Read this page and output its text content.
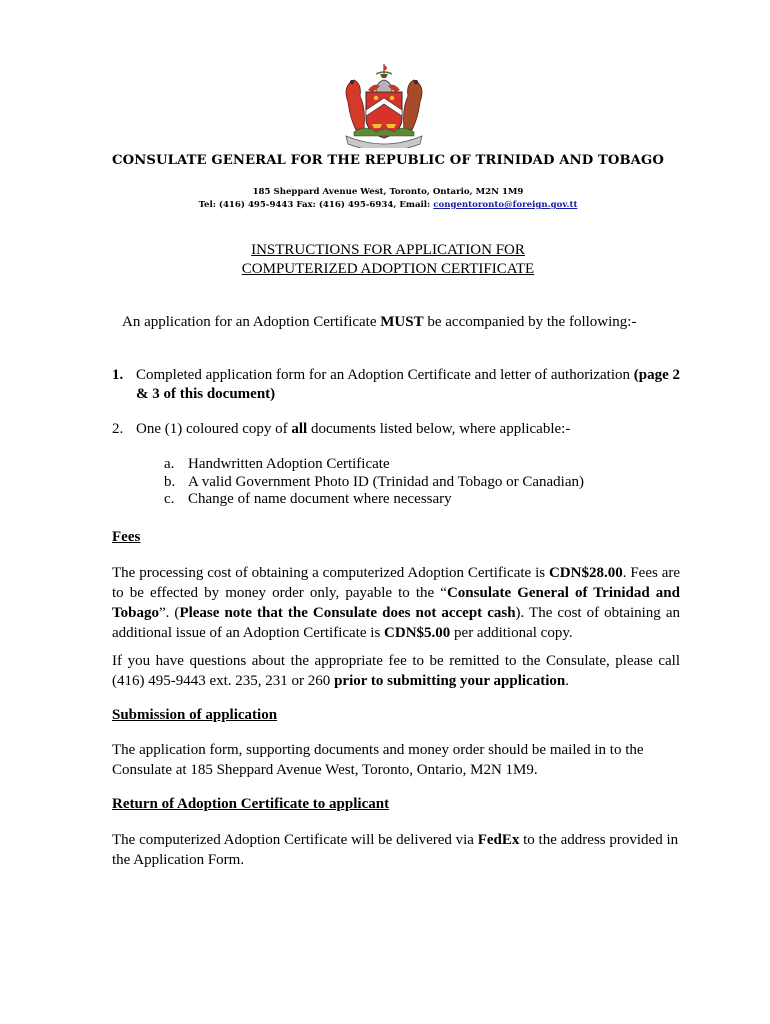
CONSULATE GENERAL FOR THE REPUBLIC OF TRINIDAD AND TOBAGO
185 Sheppard Avenue West, Toronto, Ontario, M2N 1M9
Tel: (416) 495-9443 Fax: (416) 495-6934, Email: congentoronto@foreign.gov.tt
INSTRUCTIONS FOR APPLICATION FOR
COMPUTERIZED ADOPTION CERTIFICATE
An application for an Adoption Certificate MUST be accompanied by the following:-
1. Completed application form for an Adoption Certificate and letter of authorization (page 2 & 3 of this document)
2. One (1) coloured copy of all documents listed below, where applicable:-
a. Handwritten Adoption Certificate
b. A valid Government Photo ID (Trinidad and Tobago or Canadian)
c. Change of name document where necessary
Fees
The processing cost of obtaining a computerized Adoption Certificate is CDN$28.00. Fees are to be effected by money order only, payable to the “Consulate General of Trinidad and Tobago”. (Please note that the Consulate does not accept cash). The cost of obtaining an additional issue of an Adoption Certificate is CDN$5.00 per additional copy.
If you have questions about the appropriate fee to be remitted to the Consulate, please call (416) 495-9443 ext. 235, 231 or 260 prior to submitting your application.
Submission of application
The application form, supporting documents and money order should be mailed in to the Consulate at 185 Sheppard Avenue West, Toronto, Ontario, M2N 1M9.
Return of Adoption Certificate to applicant
The computerized Adoption Certificate will be delivered via FedEx to the address provided in the Application Form.
